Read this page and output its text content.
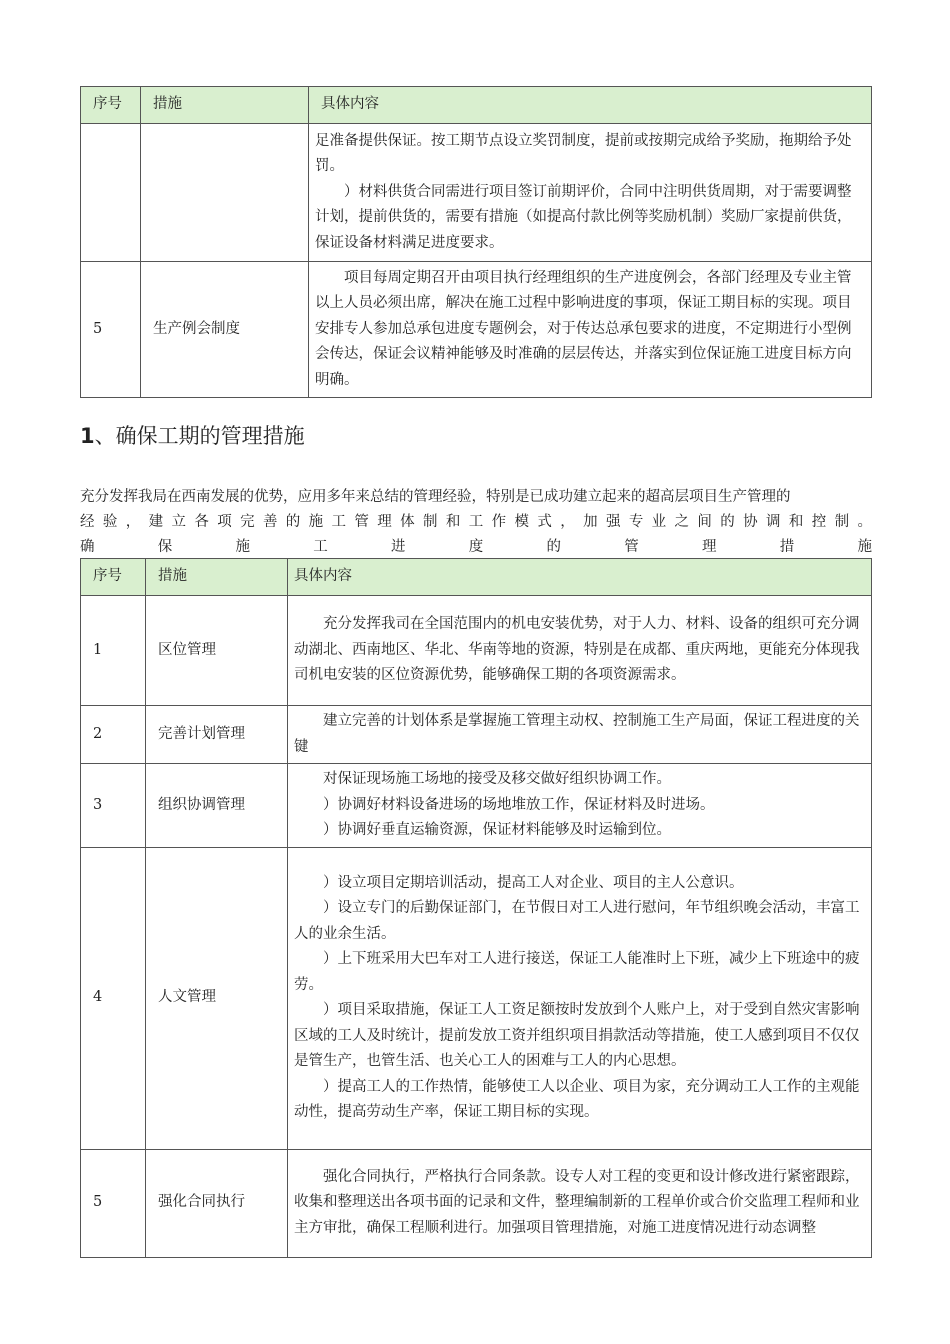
序号	措施	具体内容

		足准备提供保证。按工期节点设立奖罚制度，提前或按期完成给予奖励，拖期给予处罚。

）材料供货合同需进行项目签订前期评价，合同中注明供货周期，对于需要调整计划，提前供货的，需要有措施（如提高付款比例等奖励机制）奖励厂家提前供货，保证设备材料满足进度要求。

5	生产例会制度	项目每周定期召开由项目执行经理组织的生产进度例会，各部门经理及专业主管以上人员必须出席，解决在施工过程中影响进度的事项，保证工期目标的实现。项目安排专人参加总承包进度专题例会，对于传达总承包要求的进度，不定期进行小型例会传达，保证会议精神能够及时准确的层层传达，并落实到位保证施工进度目标方向明确。

1、确保工期的管理措施

充分发挥我局在西南发展的优势，应用多年来总结的管理经验，特别是已成功建立起来的超高层项目生产管理的

经 验 ， 建 立 各 项 完 善 的 施 工 管 理 体 制 和 工 作 模 式 ， 加 强 专 业 之 间 的 协 调 和 控 制 。

确 保 施 工 进 度 的 管 理 措 施

序号	措施	具体内容
1	区位管理	充分发挥我司在全国范围内的机电安装优势，对于人力、材料、设备的组织可充分调动湖北、西南地区、华北、华南等地的资源，特别是在成都、重庆两地，更能充分体现我司机电安装的区位资源优势，能够确保工期的各项资源需求。

2	完善计划管理	建立完善的计划体系是掌握施工管理主动权、控制施工生产局面，保证工程进度的关键

3	组织协调管理	对保证现场施工场地的接受及移交做好组织协调工作。

）协调好材料设备进场的场地堆放工作，保证材料及时进场。

）协调好垂直运输资源，保证材料能够及时运输到位。

4	人文管理	）设立项目定期培训活动，提高工人对企业、项目的主人公意识。

）设立专门的后勤保证部门，在节假日对工人进行慰问，年节组织晚会活动，丰富工人的业余生活。

）上下班采用大巴车对工人进行接送，保证工人能准时上下班，减少上下班途中的疲劳。

）项目采取措施，保证工人工资足额按时发放到个人账户上，对于受到自然灾害影响区域的工人及时统计，提前发放工资并组织项目捐款活动等措施，使工人感到项目不仅仅是管生产，也管生活、也关心工人的困难与工人的内心思想。

）提高工人的工作热情，能够使工人以企业、项目为家，充分调动工人工作的主观能动性，提高劳动生产率，保证工期目标的实现。

5	强化合同执行	强化合同执行，严格执行合同条款。设专人对工程的变更和设计修改进行紧密跟踪，收集和整理送出各项书面的记录和文件，整理编制新的工程单价或合价交监理工程师和业主方审批，确保工程顺利进行。加强项目管理措施，对施工进度情况进行动态调整
